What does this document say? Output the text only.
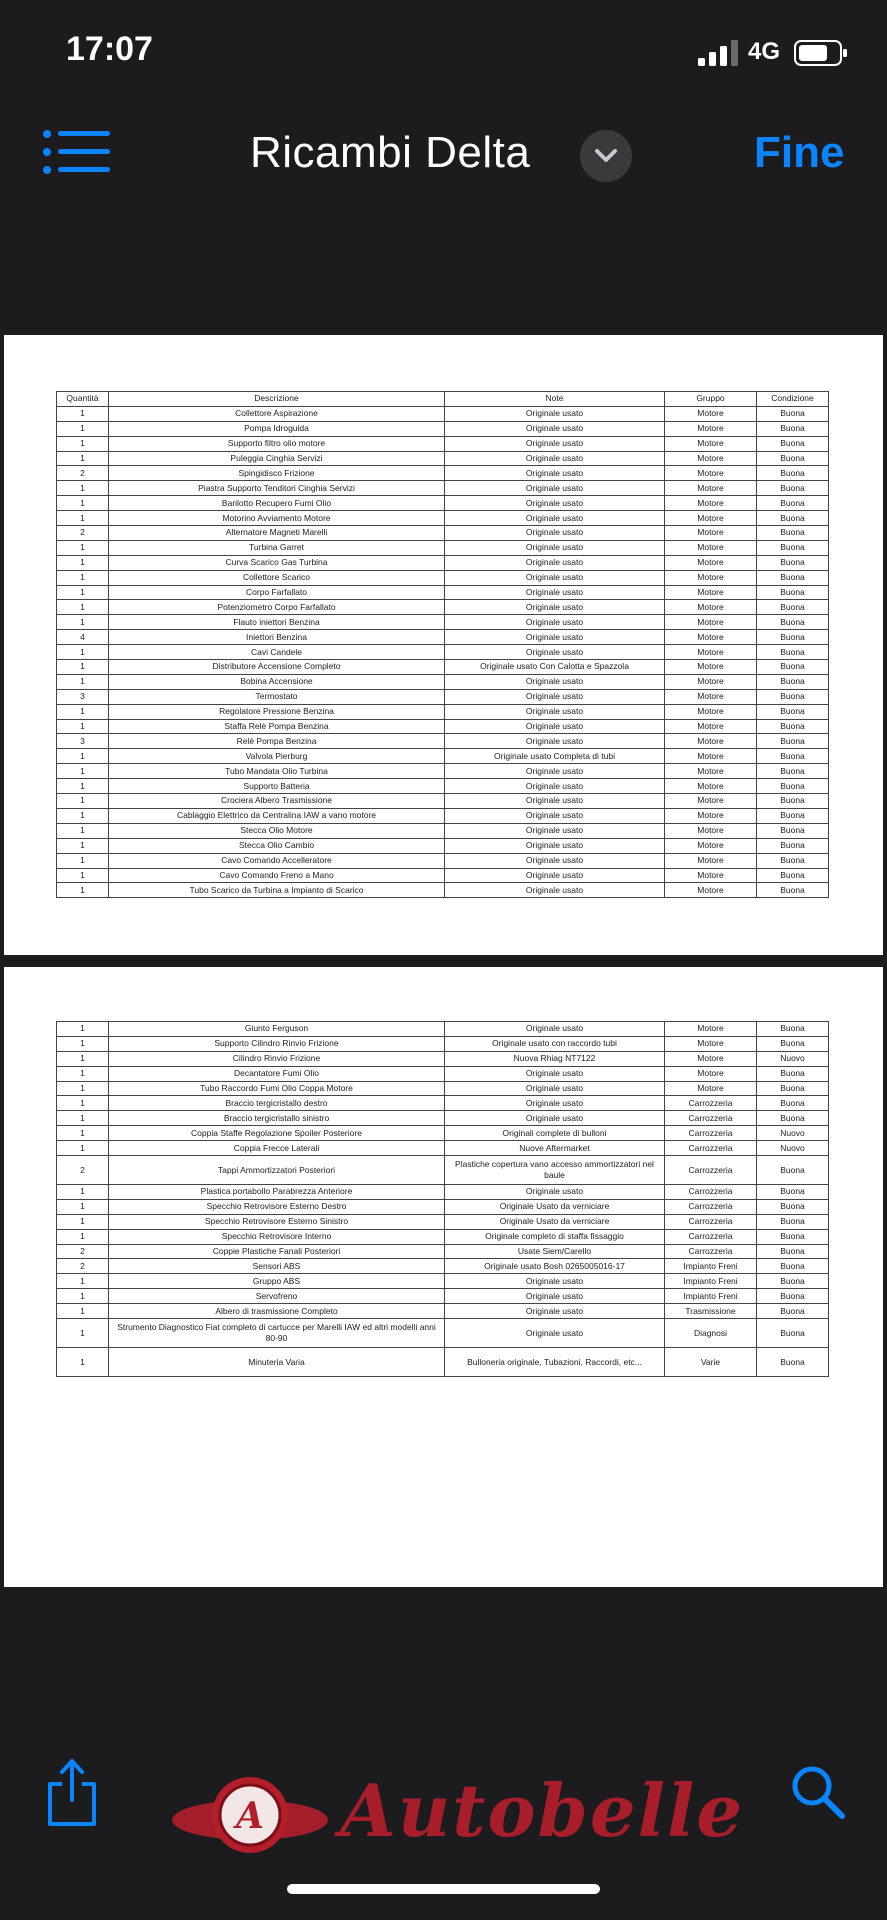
17:07	4G
Ricambi Delta	Fine
Quantità	Descrizione	Note	Gruppo	Condizione
1	Collettore Aspirazione	Originale usato	Motore	Buona
1	Pompa Idroguida	Originale usato	Motore	Buona
1	Supporto filtro olio motore	Originale usato	Motore	Buona
1	Puleggia Cinghia Servizi	Originale usato	Motore	Buona
2	Spingidisco Frizione	Originale usato	Motore	Buona
1	Piastra Supporto Tenditori Cinghia Servizi	Originale usato	Motore	Buona
1	Barilotto Recupero Fumi Olio	Originale usato	Motore	Buona
1	Motorino Avviamento Motore	Originale usato	Motore	Buona
2	Alternatore Magneti Marelli	Originale usato	Motore	Buona
1	Turbina Garret	Originale usato	Motore	Buona
1	Curva Scarico Gas Turbina	Originale usato	Motore	Buona
1	Collettore Scarico	Originale usato	Motore	Buona
1	Corpo Farfallato	Originale usato	Motore	Buona
1	Potenziometro Corpo Farfallato	Originale usato	Motore	Buona
1	Flauto iniettori Benzina	Originale usato	Motore	Buona
4	Iniettori Benzina	Originale usato	Motore	Buona
1	Cavi Candele	Originale usato	Motore	Buona
1	Distributore Accensione Completo	Originale usato Con Calotta e Spazzola	Motore	Buona
1	Bobina Accensione	Originale usato	Motore	Buona
3	Termostato	Originale usato	Motore	Buona
1	Regolatore Pressione Benzina	Originale usato	Motore	Buona
1	Staffa Relè Pompa Benzina	Originale usato	Motore	Buona
3	Relè Pompa Benzina	Originale usato	Motore	Buona
1	Valvola Pierburg	Originale usato Completa di tubi	Motore	Buona
1	Tubo Mandata Olio Turbina	Originale usato	Motore	Buona
1	Supporto Batteria	Originale usato	Motore	Buona
1	Crociera Albero Trasmissione	Originale usato	Motore	Buona
1	Cablaggio Elettrico da Centralina IAW a vano motore	Originale usato	Motore	Buona
1	Stecca Olio Motore	Originale usato	Motore	Buona
1	Stecca Olio Cambio	Originale usato	Motore	Buona
1	Cavo Comando Accelleratore	Originale usato	Motore	Buona
1	Cavo Comando Freno a Mano	Originale usato	Motore	Buona
1	Tubo Scarico da Turbina a Impianto di Scarico	Originale usato	Motore	Buona
1	Giunto Ferguson	Originale usato	Motore	Buona
1	Supporto Cilindro Rinvio Frizione	Originale usato con raccordo tubi	Motore	Buona
1	Cilindro Rinvio Frizione	Nuova Rhiag NT7122	Motore	Nuovo
1	Decantatore Fumi Olio	Originale usato	Motore	Buona
1	Tubo Raccordo Fumi Olio Coppa Motore	Originale usato	Motore	Buona
1	Braccio tergicristallo destro	Originale usato	Carrozzeria	Buona
1	Braccio tergicristallo sinistro	Originale usato	Carrozzeria	Buona
1	Coppia Staffe Regolazione Spoiler Posteriore	Originali complete di bulloni	Carrozzeria	Nuovo
1	Coppia Frecce Laterali	Nuove Aftermarket	Carrozzeria	Nuovo
2	Tappi Ammortizzatori Posteriori	Plastiche copertura vano accesso ammortizzatori nel baule	Carrozzeria	Buona
1	Plastica portabollo Parabrezza Anteriore	Originale usato	Carrozzeria	Buona
1	Specchio Retrovisore Esterno Destro	Originale Usato da verniciare	Carrozzeria	Buona
1	Specchio Retrovisore Esterno Sinistro	Originale Usato da verniciare	Carrozzeria	Buona
1	Specchio Retrovisore Interno	Originale completo di staffa fissaggio	Carrozzeria	Buona
2	Coppie Plastiche Fanali Posteriori	Usate Siem/Carello	Carrozzeria	Buona
2	Sensori ABS	Originale usato Bosh 0265005016-17	Impianto Freni	Buona
1	Gruppo ABS	Originale usato	Impianto Freni	Buona
1	Servofreno	Originale usato	Impianto Freni	Buona
1	Albero di trasmissione Completo	Originale usato	Trasmissione	Buona
1	Strumento Diagnostico Fiat completo di cartucce per Marelli IAW ed altri modelli anni 80-90	Originale usato	Diagnosi	Buona
1	Minuteria Varia	Bulloneria originale, Tubazioni, Raccordi, etc...	Varie	Buona
A Autobelle
